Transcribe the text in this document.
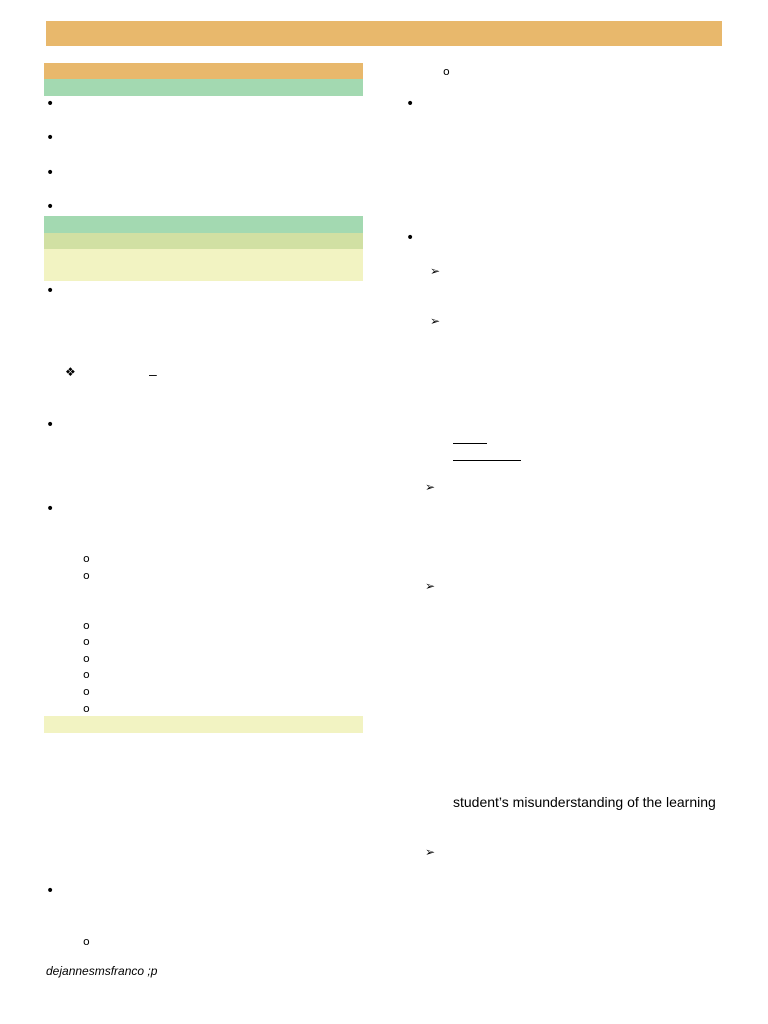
•
•
•
•
•
❖	–
•
•
o
o
o
o
o
o
o
o
•
o
o
•
•
➢
➢
➢
➢
student’s misunderstanding of the learning
➢
dejannesmsfranco ;p
